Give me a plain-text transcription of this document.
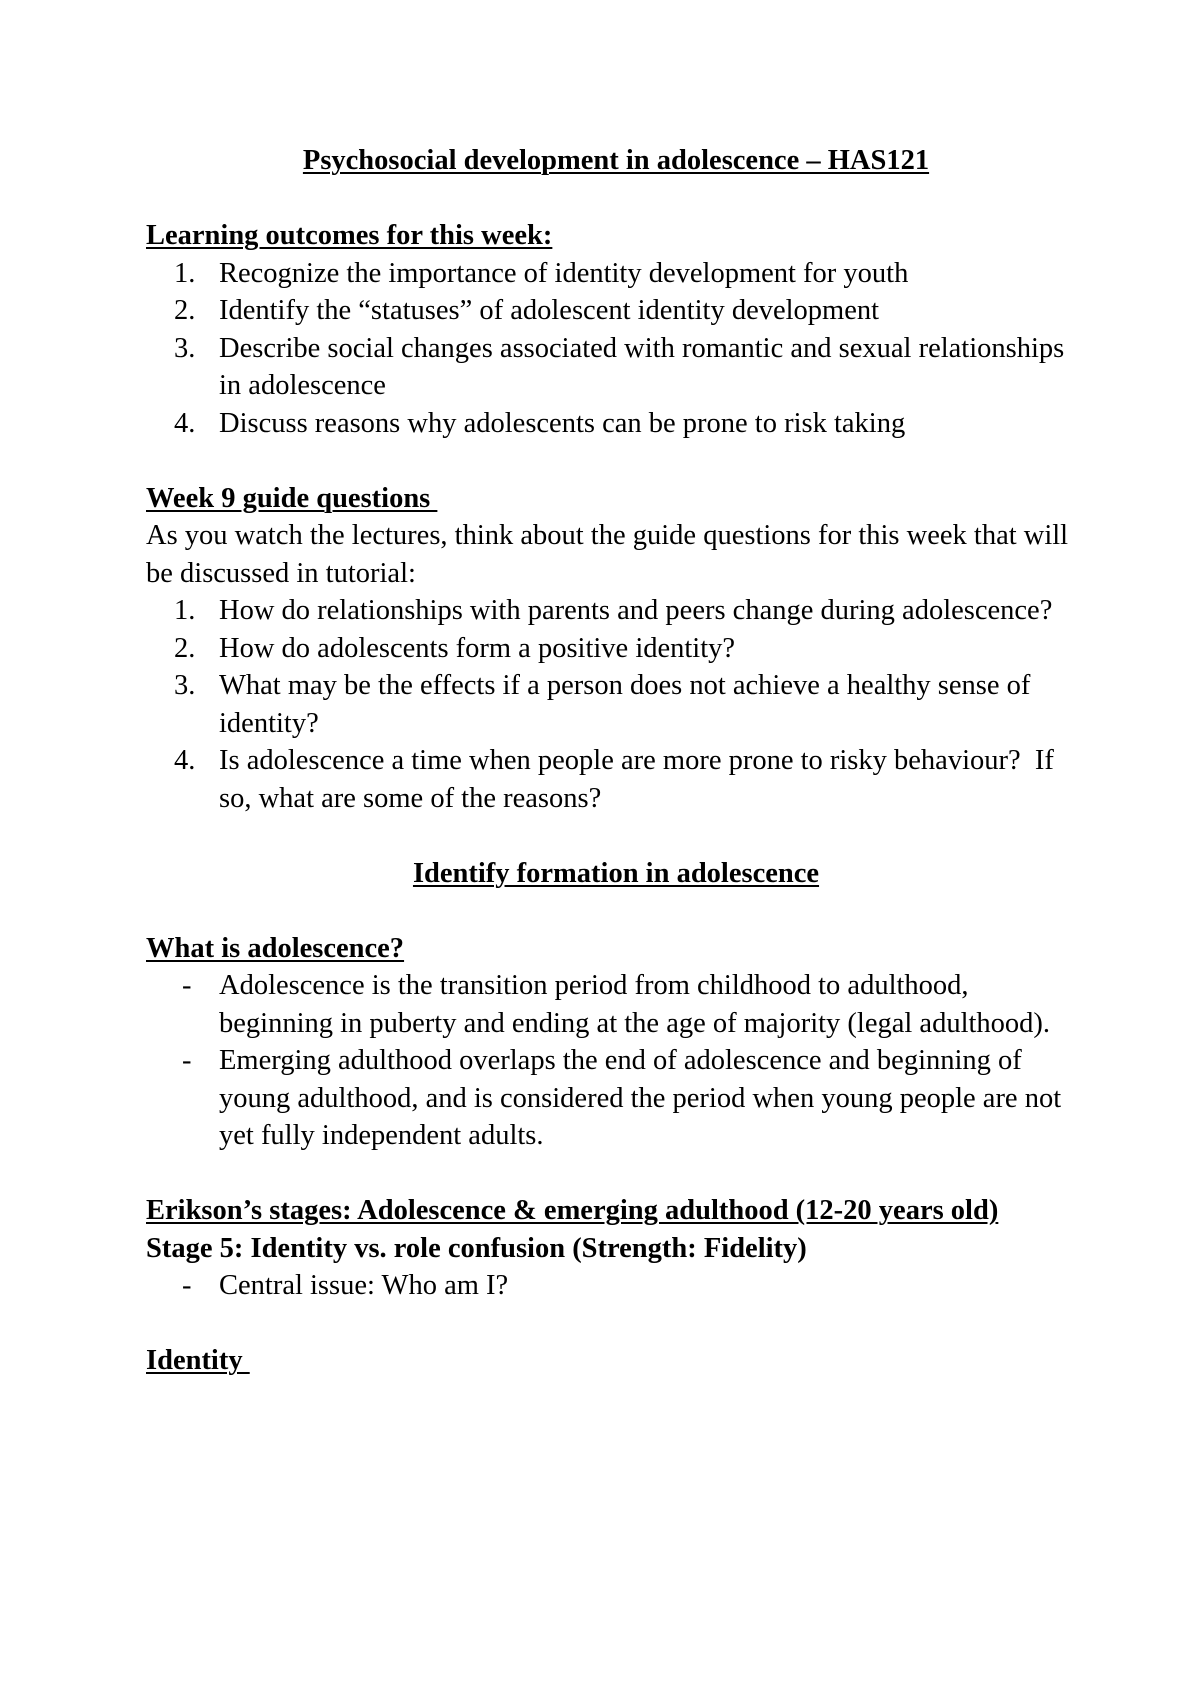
Psychosocial development in adolescence – HAS121
Learning outcomes for this week:
1. Recognize the importance of identity development for youth
2. Identify the “statuses” of adolescent identity development
3. Describe social changes associated with romantic and sexual relationships in adolescence
4. Discuss reasons why adolescents can be prone to risk taking
Week 9 guide questions
As you watch the lectures, think about the guide questions for this week that will be discussed in tutorial:
1. How do relationships with parents and peers change during adolescence?
2. How do adolescents form a positive identity?
3. What may be the effects if a person does not achieve a healthy sense of identity?
4. Is adolescence a time when people are more prone to risky behaviour?  If so, what are some of the reasons?
Identify formation in adolescence
What is adolescence?
- Adolescence is the transition period from childhood to adulthood, beginning in puberty and ending at the age of majority (legal adulthood).
- Emerging adulthood overlaps the end of adolescence and beginning of young adulthood, and is considered the period when young people are not yet fully independent adults.
Erikson’s stages: Adolescence & emerging adulthood (12-20 years old)
Stage 5: Identity vs. role confusion (Strength: Fidelity)
- Central issue: Who am I?
Identity
